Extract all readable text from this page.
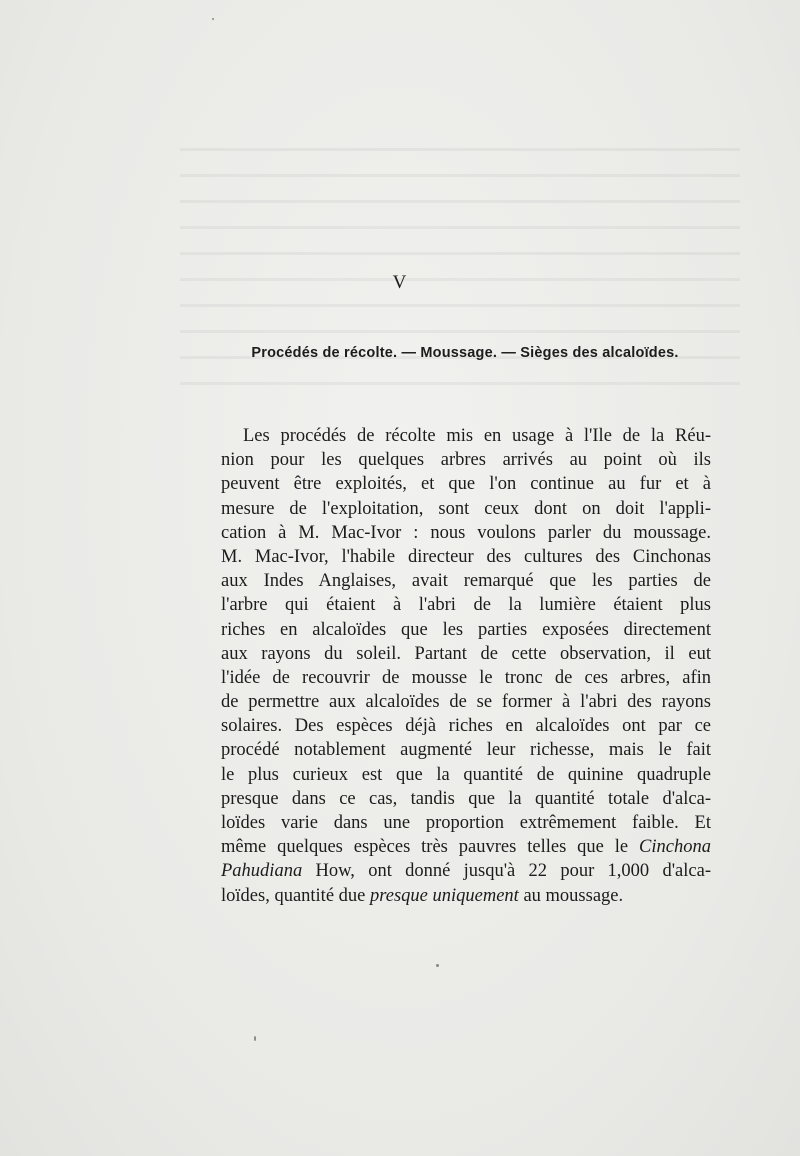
V
Procédés de récolte. — Moussage. — Sièges des alcaloïdes.
Les procédés de récolte mis en usage à l'Ile de la Réu-
nion pour les quelques arbres arrivés au point où ils
peuvent être exploités, et que l'on continue au fur et à
mesure de l'exploitation, sont ceux dont on doit l'appli-
cation à M. Mac-Ivor : nous voulons parler du moussage.
M. Mac-Ivor, l'habile directeur des cultures des Cinchonas
aux Indes Anglaises, avait remarqué que les parties de
l'arbre qui étaient à l'abri de la lumière étaient plus
riches en alcaloïdes que les parties exposées directement
aux rayons du soleil. Partant de cette observation, il eut
l'idée de recouvrir de mousse le tronc de ces arbres, afin
de permettre aux alcaloïdes de se former à l'abri des rayons
solaires. Des espèces déjà riches en alcaloïdes ont par ce
procédé notablement augmenté leur richesse, mais le fait
le plus curieux est que la quantité de quinine quadruple
presque dans ce cas, tandis que la quantité totale d'alca-
loïdes varie dans une proportion extrêmement faible. Et
même quelques espèces très pauvres telles que le Cinchona
Pahudiana How, ont donné jusqu'à 22 pour 1,000 d'alca-
loïdes, quantité due presque uniquement au moussage.
